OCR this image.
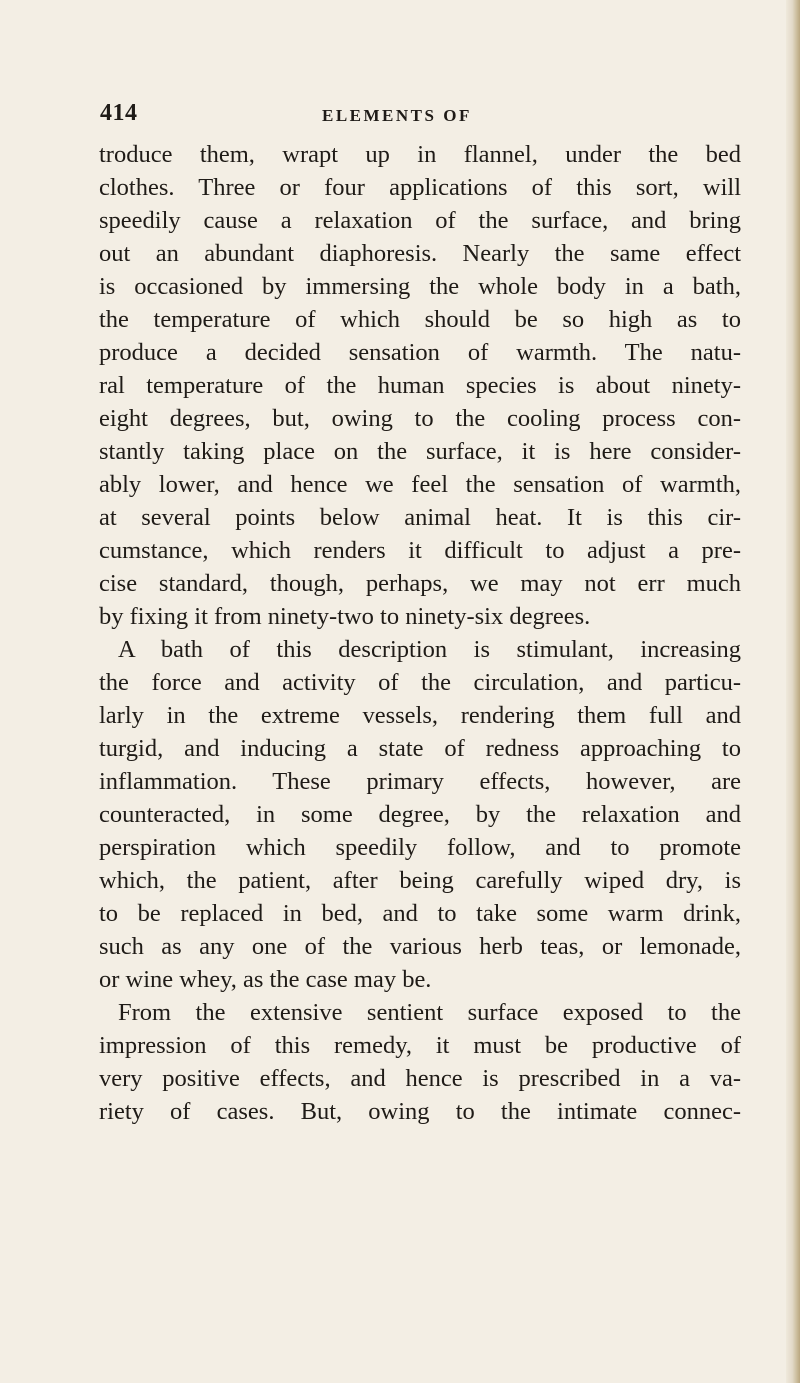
414	ELEMENTS OF
troduce them, wrapt up in flannel, under the bed
clothes. Three or four applications of this sort, will
speedily cause a relaxation of the surface, and bring
out an abundant diaphoresis. Nearly the same effect
is occasioned by immersing the whole body in a bath,
the temperature of which should be so high as to
produce a decided sensation of warmth. The natu-
ral temperature of the human species is about ninety-
eight degrees, but, owing to the cooling process con-
stantly taking place on the surface, it is here consider-
ably lower, and hence we feel the sensation of warmth,
at several points below animal heat. It is this cir-
cumstance, which renders it difficult to adjust a pre-
cise standard, though, perhaps, we may not err much
by fixing it from ninety-two to ninety-six degrees.
A bath of this description is stimulant, increasing
the force and activity of the circulation, and particu-
larly in the extreme vessels, rendering them full and
turgid, and inducing a state of redness approaching to
inflammation. These primary effects, however, are
counteracted, in some degree, by the relaxation and
perspiration which speedily follow, and to promote
which, the patient, after being carefully wiped dry, is
to be replaced in bed, and to take some warm drink,
such as any one of the various herb teas, or lemonade,
or wine whey, as the case may be.
From the extensive sentient surface exposed to the
impression of this remedy, it must be productive of
very positive effects, and hence is prescribed in a va-
riety of cases. But, owing to the intimate connec-
